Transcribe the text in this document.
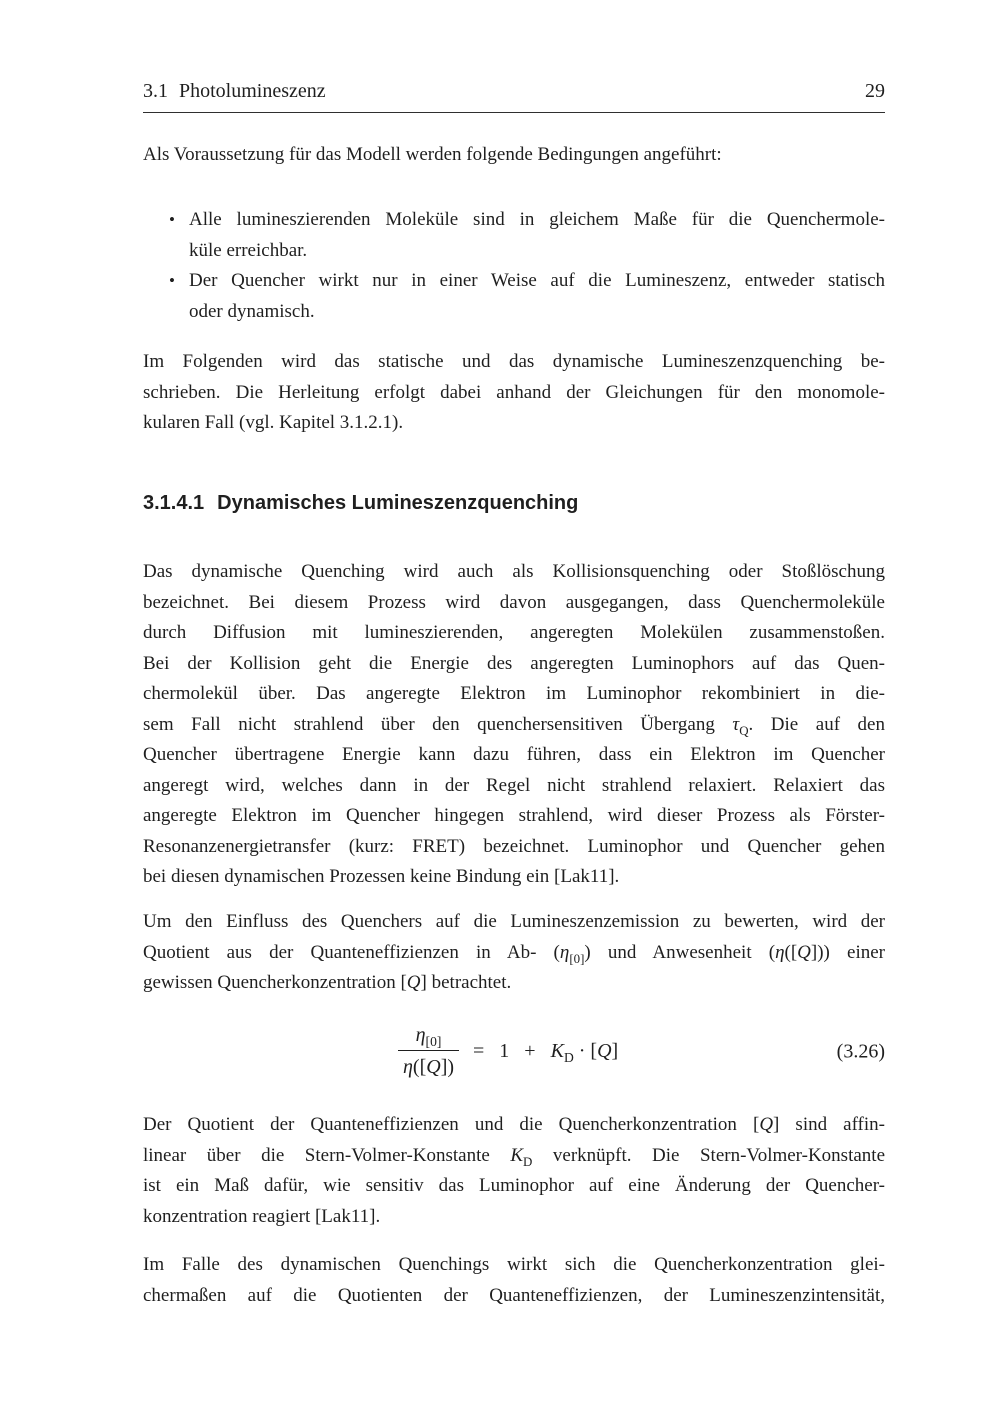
3.1 Photolumineszenz	29
Als Voraussetzung für das Modell werden folgende Bedingungen angeführt:
• Alle lumineszierenden Moleküle sind in gleichem Maße für die Quenchermole-
küle erreichbar.
• Der Quencher wirkt nur in einer Weise auf die Lumineszenz, entweder statisch
oder dynamisch.
Im Folgenden wird das statische und das dynamische Lumineszenzquenching be-
schrieben. Die Herleitung erfolgt dabei anhand der Gleichungen für den monomole-
kularen Fall (vgl. Kapitel 3.1.2.1).
3.1.4.1 Dynamisches Lumineszenzquenching
Das dynamische Quenching wird auch als Kollisionsquenching oder Stoßlöschung
bezeichnet. Bei diesem Prozess wird davon ausgegangen, dass Quenchermoleküle
durch Diffusion mit lumineszierenden, angeregten Molekülen zusammenstoßen.
Bei der Kollision geht die Energie des angeregten Luminophors auf das Quen-
chermolekül über. Das angeregte Elektron im Luminophor rekombiniert in die-
sem Fall nicht strahlend über den quenchersensitiven Übergang $\tau_Q$. Die auf den
Quencher übertragene Energie kann dazu führen, dass ein Elektron im Quencher
angeregt wird, welches dann in der Regel nicht strahlend relaxiert. Relaxiert das
angeregte Elektron im Quencher hingegen strahlend, wird dieser Prozess als Förster-
Resonanzenergietransfer (kurz: FRET) bezeichnet. Luminophor und Quencher gehen
bei diesen dynamischen Prozessen keine Bindung ein [Lak11].
Um den Einfluss des Quenchers auf die Lumineszenzemission zu bewerten, wird der
Quotient aus der Quanteneffizienzen in Ab- $(\eta_{[0]})$ und Anwesenheit (η([Q])) einer
gewissen Quencherkonzentration [Q] betrachtet.
$\frac{\eta_{[0]}}{\eta([Q])}$ =  1  +  $K_D \cdot [Q]$	(3.26)
Der Quotient der Quanteneffizienzen und die Quencherkonzentration [Q] sind affin-
linear über die Stern-Volmer-Konstante $K_D$ verknüpft. Die Stern-Volmer-Konstante
ist ein Maß dafür, wie sensitiv das Luminophor auf eine Änderung der Quencher-
konzentration reagiert [Lak11].
Im Falle des dynamischen Quenchings wirkt sich die Quencherkonzentration glei-
chermaßen auf die Quotienten der Quanteneffizienzen, der Lumineszenzintensität,
